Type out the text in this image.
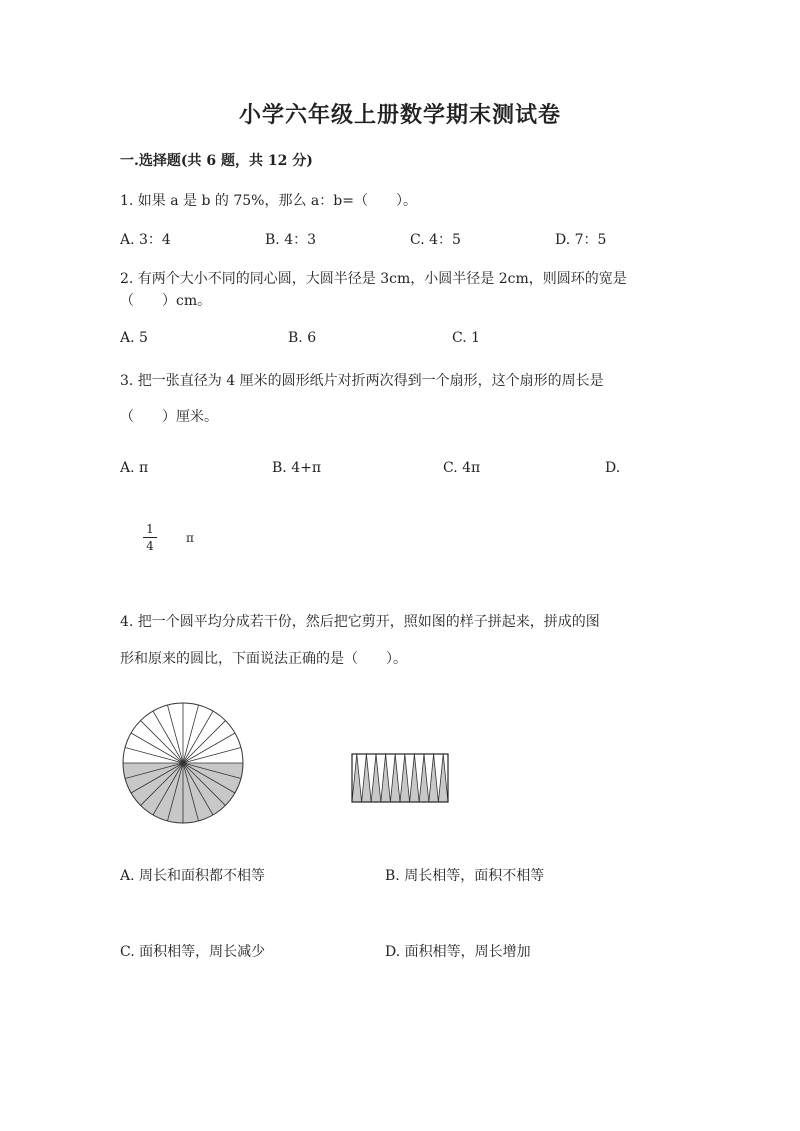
小学六年级上册数学期末测试卷
一.选择题(共 6 题，共 12 分)
1. 如果 a 是 b 的 75%，那么 a：b=（　　）。
A. 3：4	B. 4：3	C. 4：5	D. 7：5
2. 有两个大小不同的同心圆，大圆半径是 3cm，小圆半径是 2cm，则圆环的宽是
（　　）cm。
A. 5	B. 6	C. 1
3. 把一张直径为 4 厘米的圆形纸片对折两次得到一个扇形，这个扇形的周长是
（　　）厘米。
A. π	B. 4+π	C. 4π	D.
1
4
π
4. 把一个圆平均分成若干份，然后把它剪开，照如图的样子拼起来，拼成的图
形和原来的圆比，下面说法正确的是（　　）。
A. 周长和面积都不相等	B. 周长相等，面积不相等
C. 面积相等，周长减少	D. 面积相等，周长增加
